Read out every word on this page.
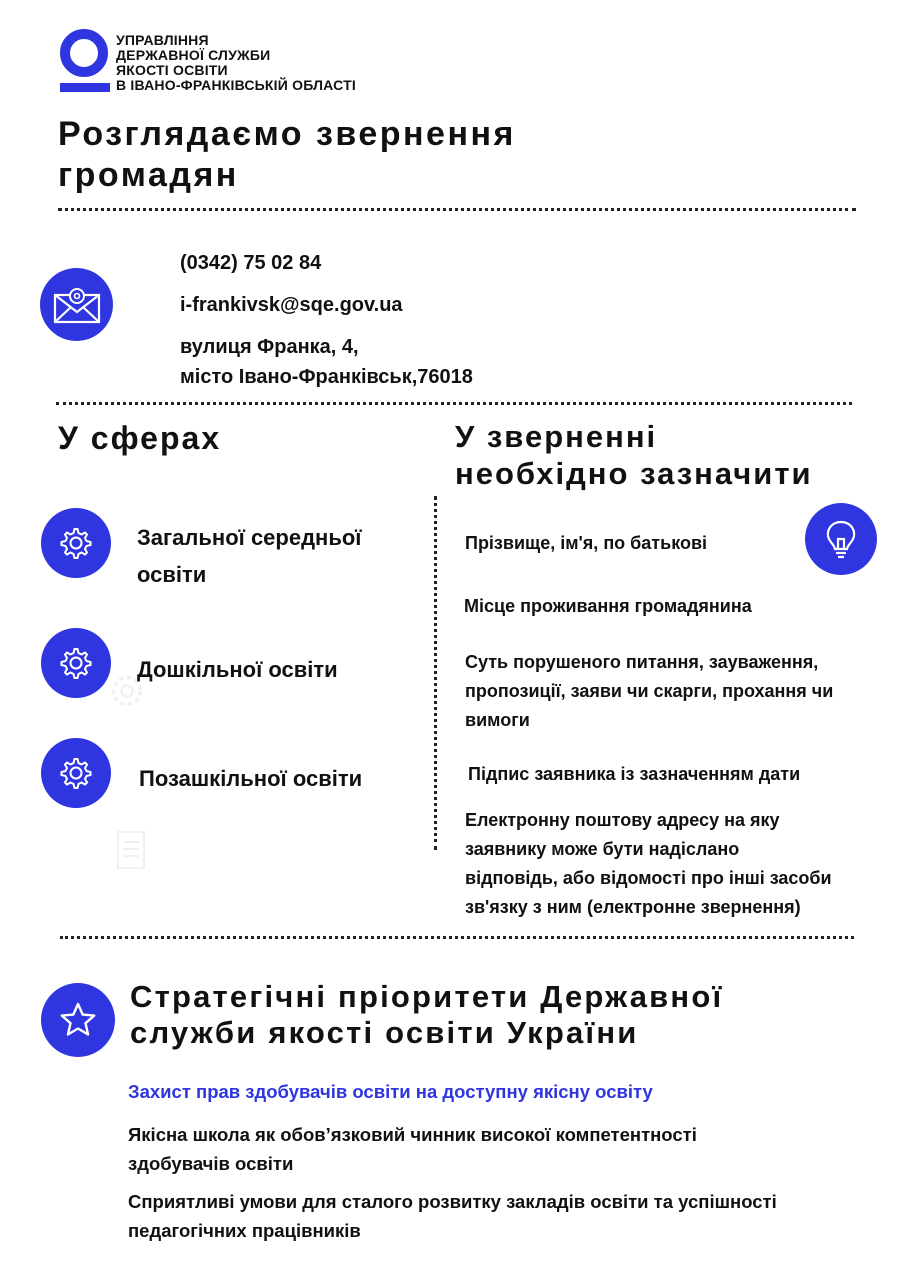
УПРАВЛІННЯ
ДЕРЖАВНОЇ СЛУЖБИ
ЯКОСТІ ОСВІТИ
В ІВАНО-ФРАНКІВСЬКІЙ ОБЛАСТІ
Розглядаємо звернення
громадян
(0342) 75 02 84
i-frankivsk@sqe.gov.ua
вулиця Франка, 4,
місто Івано-Франківськ,76018
У сферах
Загальної середньої
освіти
Дошкільної освіти
Позашкільної освіти
У зверненні
необхідно зазначити
Прізвище, ім'я, по батькові
Місце проживання громадянина
Суть порушеного питання, зауваження,
пропозиції, заяви чи скарги, прохання чи
вимоги
Підпис заявника із зазначенням дати
Електронну поштову адресу на яку
заявнику може бути надіслано
відповідь, або відомості про інші засоби
зв'язку з ним (електронне звернення)
Стратегічні пріоритети Державної
служби якості освіти України
Захист прав здобувачів освіти на доступну якісну освіту
Якісна школа як обов’язковий чинник високої компетентності
здобувачів освіти
Сприятливі умови для сталого розвитку закладів освіти та успішності
педагогічних працівників
